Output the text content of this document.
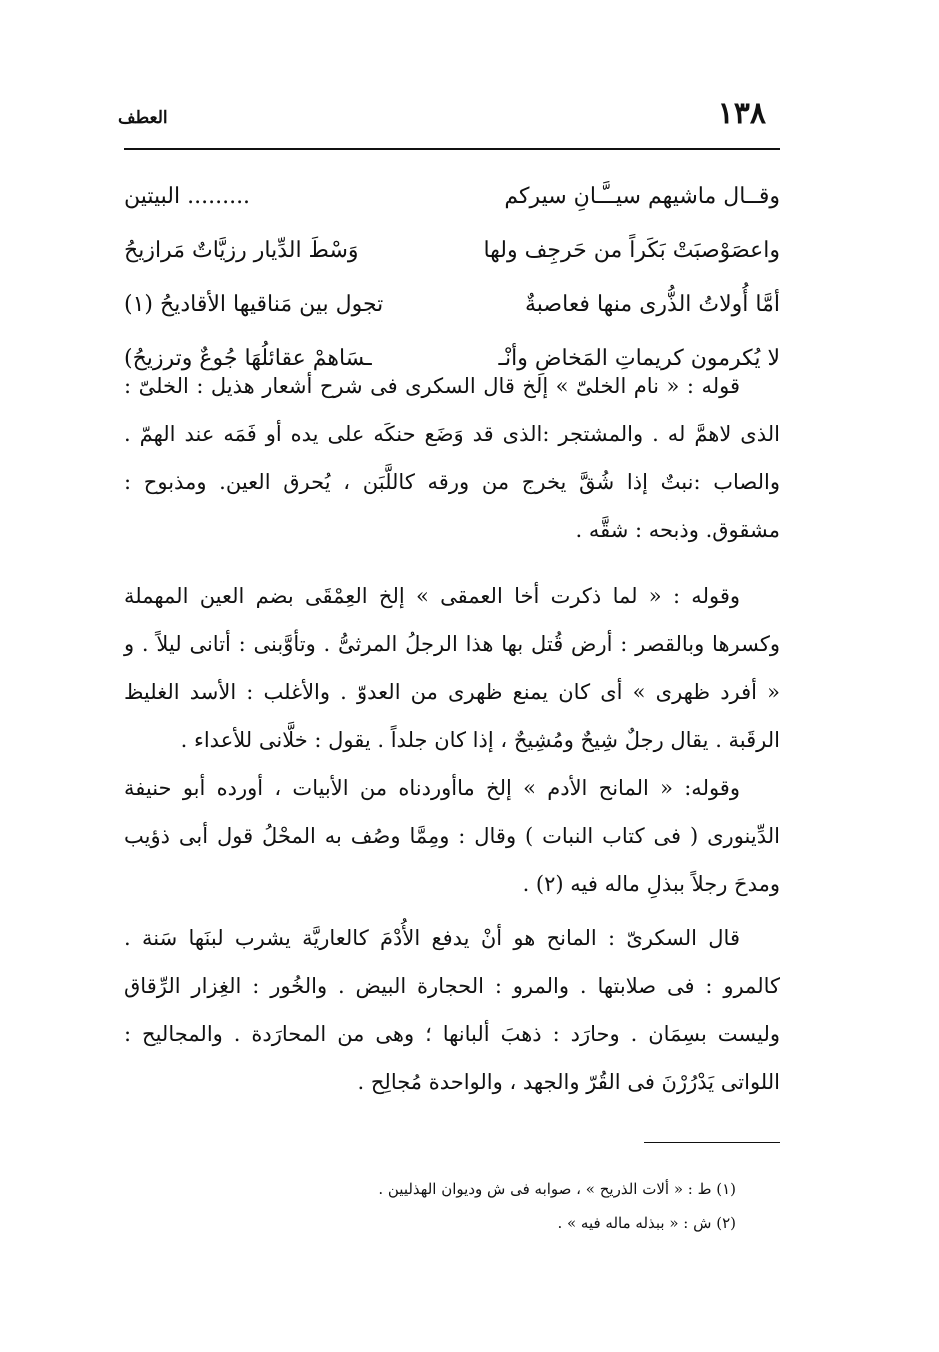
١٣٨
العطف
وقــال ماشيهم سيــَّـانِ سيركم
......... البيتين
واعصَوْصبَتْ بَكَراً من حَرجِف ولها
وَسْطَ الدِّيار رزيَّاتٌ مَرازيحُ
أمَّا أُولاتُ الذُّرى منها فعاصبةٌ
تجول بين مَناقيها الأقاديحُ (١)
لا يُكرمون كريماتِ المَخاضِ وأنْـ
ـسَاهمْ عقائلُهَا جُوعٌ وترزيحُ)

قوله : « نام الخلىّ » إلخ قال السكرى فى شرح أشعار هذيل : الخلىّ : الذى لاهمَّ له . والمشتجر :الذى قد وَضَع حنكَه على يده أو فَمَه عند الهمّ . والصاب :نبتٌ إذا شُقَّ يخرج من ورقه كاللَّبَن ، يُحرق العين. ومذبوح : مشقوق. وذبحه : شقَّه .

وقوله : « لما ذكرت أخا العمقى » إلخ العِمْقَى بضم العين المهملة وكسرها وبالقصر : أرض قُتل بها هذا الرجلُ المرثىُّ . وتأوَّبنى : أتانى ليلاً . و « أفرد ظهرى » أى كان يمنع ظهرى من العدوّ . والأغلب : الأسد الغليظ الرقَبة . يقال رجلٌ شِيحٌ ومُشِيحٌ ، إذا كان جلداً . يقول : خلَّانى للأعداء .

وقوله: « المانح الأدم » إلخ ماأوردناه من الأبيات ، أورده أبو حنيفة الدِّينورى ( فى كتاب النبات ) وقال : ومِمَّا وصُف به المحْلُ قول أبى ذؤيب ومدحَ رجلاً ببذلِ ماله فيه (٢) .

قال السكرىّ : المانح هو أنْ يدفع الأُدْمَ كالعاريَّة يشرب لبنَها سَنة . كالمرو : فى صلابتها . والمرو : الحجارة البيض . والخُور : الغِزار الرِّقاق وليست بسِمَان . وحارَد : ذهبَ ألبانها ؛ وهى من المحارَدة . والمجاليح : اللواتى يَدْرُرْنَ فى القُرّ والجهد ، والواحدة مُجالِح .

(١) ط : « ألات الذريح » ، صوابه فى ش وديوان الهذليين .
(٢) ش : « ببذله ماله فيه » .
